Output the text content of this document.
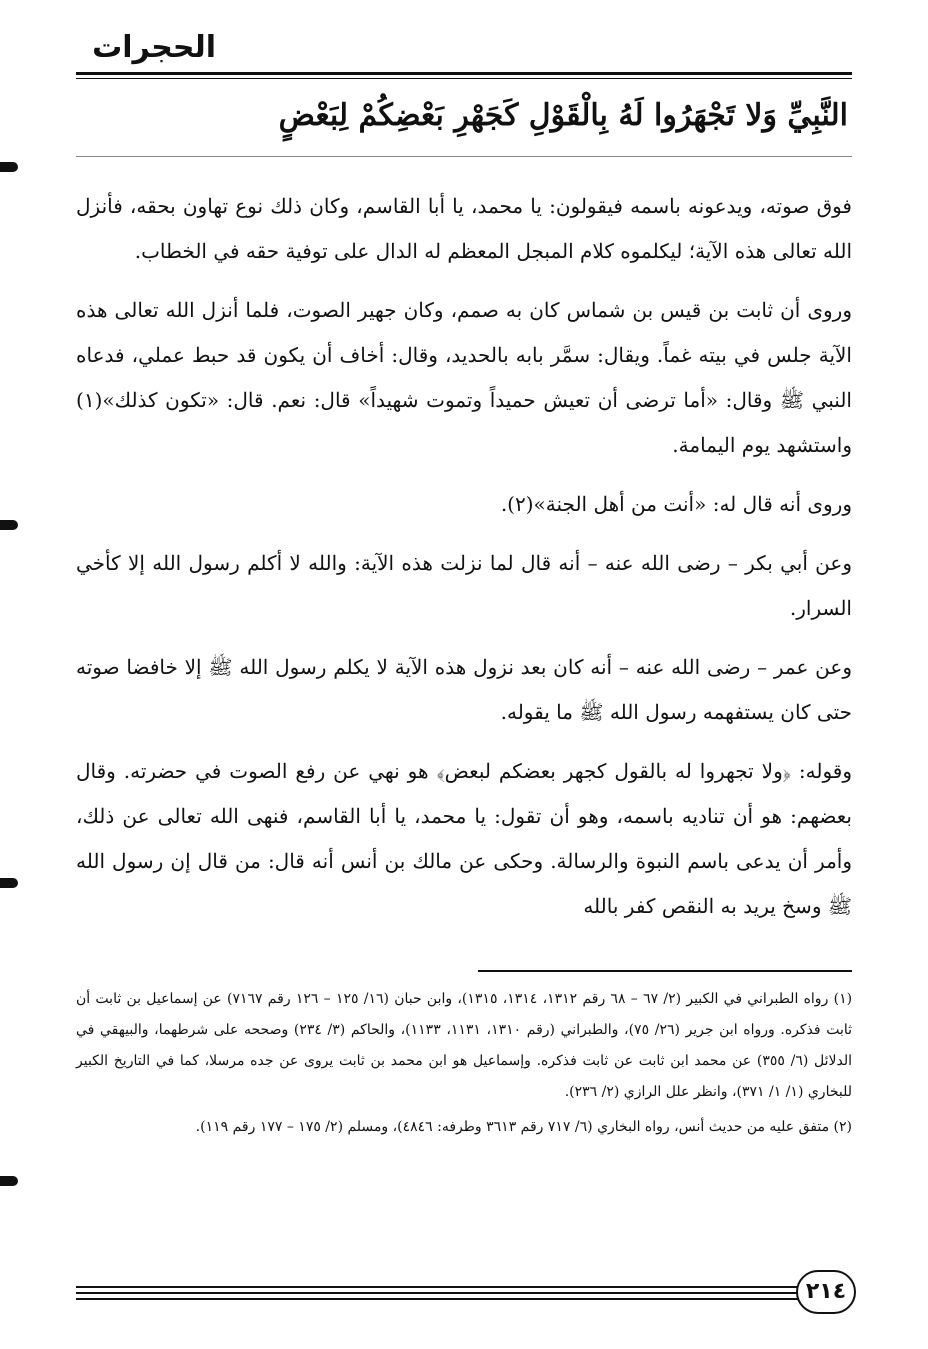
الحجرات
النَّبِيِّ وَلا تَجْهَرُوا لَهُ بِالْقَوْلِ كَجَهْرِ بَعْضِكُمْ لِبَعْضٍ

فوق صوته، ويدعونه باسمه فيقولون: يا محمد، يا أبا القاسم، وكان ذلك نوع تهاون بحقه، فأنزل الله تعالى هذه الآية؛ ليكلموه كلام المبجل المعظم له الدال على توفية حقه في الخطاب.

وروى أن ثابت بن قيس بن شماس كان به صمم، وكان جهير الصوت، فلما أنزل الله تعالى هذه الآية جلس في بيته غماً. ويقال: سمَّر بابه بالحديد، وقال: أخاف أن يكون قد حبط عملي، فدعاه النبي ﷺ وقال: «أما ترضى أن تعيش حميداً وتموت شهيداً» قال: نعم. قال: «تكون كذلك»(١) واستشهد يوم اليمامة.

وروى أنه قال له: «أنت من أهل الجنة»(٢).

وعن أبي بكر – رضى الله عنه – أنه قال لما نزلت هذه الآية: والله لا أكلم رسول الله إلا كأخي السرار.

وعن عمر – رضى الله عنه – أنه كان بعد نزول هذه الآية لا يكلم رسول الله ﷺ إلا خافضا صوته حتى كان يستفهمه رسول الله ﷺ ما يقوله.

وقوله: ﴿ولا تجهروا له بالقول كجهر بعضكم لبعض﴾ هو نهي عن رفع الصوت في حضرته. وقال بعضهم: هو أن تناديه باسمه، وهو أن تقول: يا محمد، يا أبا القاسم، فنهى الله تعالى عن ذلك، وأمر أن يدعى باسم النبوة والرسالة. وحكى عن مالك بن أنس أنه قال: من قال إن رسول الله ﷺ وسخ يريد به النقص كفر بالله

(١) رواه الطبراني في الكبير (٢/ ٦٧ – ٦٨ رقم ١٣١٢، ١٣١٤، ١٣١٥)، وابن حبان (١٦/ ١٢٥ – ١٢٦ رقم ٧١٦٧) عن إسماعيل بن ثابت أن ثابت فذكره. ورواه ابن جرير (٢٦/ ٧٥)، والطبراني (رقم ١٣١٠، ١١٣١، ١١٣٣)، والحاكم (٣/ ٢٣٤) وصححه على شرطهما، والبيهقي في الدلائل (٦/ ٣٥٥) عن محمد ابن ثابت عن ثابت فذكره. وإسماعيل هو ابن محمد بن ثابت يروى عن جده مرسلا، كما في التاريخ الكبير للبخاري (١/ ١/ ٣٧١)، وانظر علل الرازي (٢/ ٢٣٦).

(٢) متفق عليه من حديث أنس، رواه البخاري (٦/ ٧١٧ رقم ٣٦١٣ وطرفه: ٤٨٤٦)، ومسلم (٢/ ١٧٥ – ١٧٧ رقم ١١٩).

٢١٤
